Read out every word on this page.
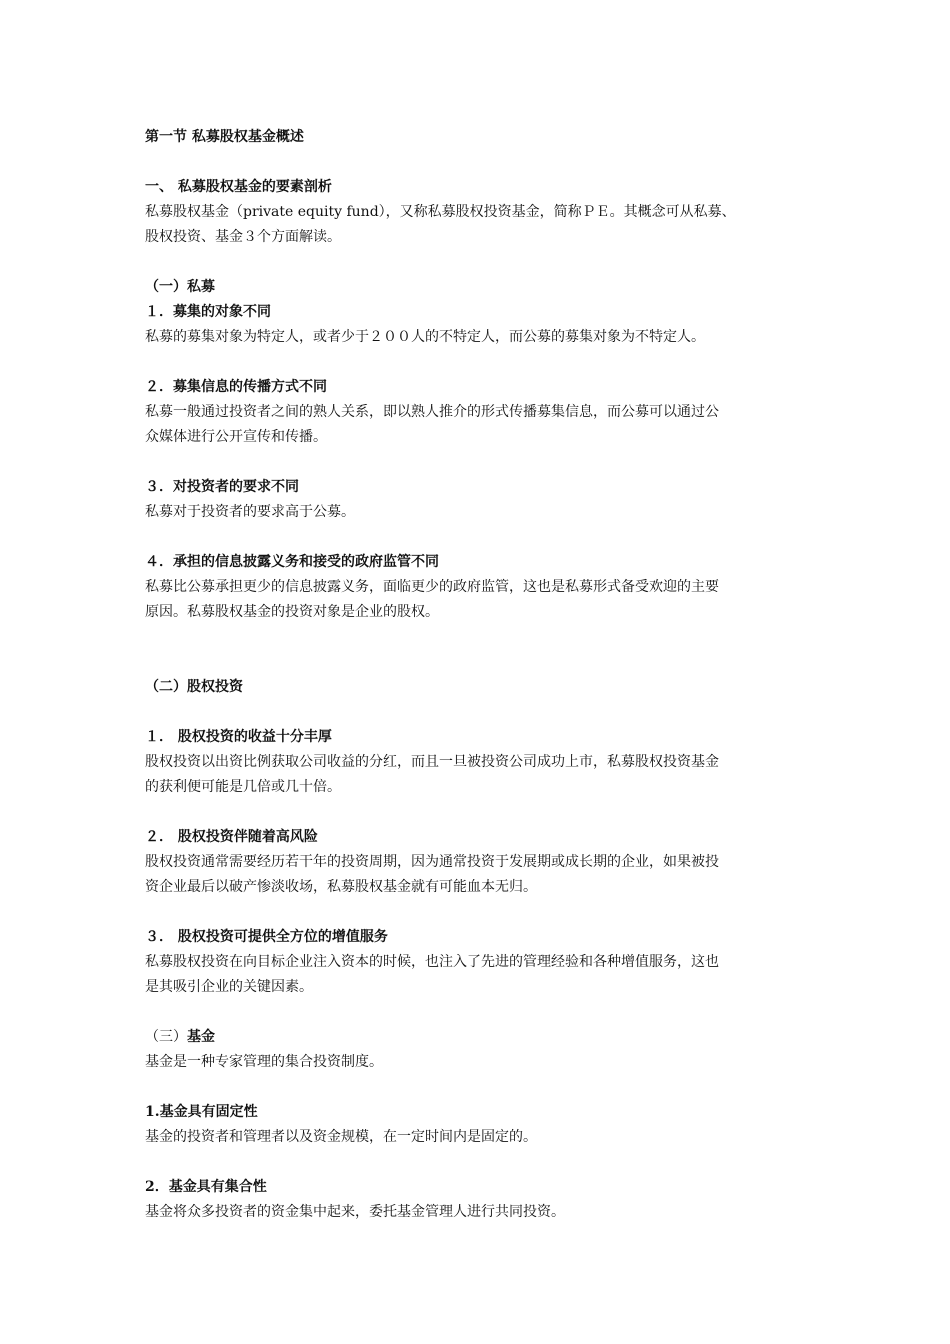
第一节 私募股权基金概述
一、 私募股权基金的要素剖析
私募股权基金（private equity fund），又称私募股权投资基金，简称ＰＥ。其概念可从私募、
股权投资、基金３个方面解读。
（一）私募
１．募集的对象不同
私募的募集对象为特定人，或者少于２００人的不特定人，而公募的募集对象为不特定人。
２．募集信息的传播方式不同
私募一般通过投资者之间的熟人关系，即以熟人推介的形式传播募集信息，而公募可以通过公
众媒体进行公开宣传和传播。
３．对投资者的要求不同
私募对于投资者的要求高于公募。
４．承担的信息披露义务和接受的政府监管不同
私募比公募承担更少的信息披露义务，面临更少的政府监管，这也是私募形式备受欢迎的主要
原因。私募股权基金的投资对象是企业的股权。
（二）股权投资
１． 股权投资的收益十分丰厚
股权投资以出资比例获取公司收益的分红，而且一旦被投资公司成功上市，私募股权投资基金
的获利便可能是几倍或几十倍。
２． 股权投资伴随着高风险
股权投资通常需要经历若干年的投资周期，因为通常投资于发展期或成长期的企业，如果被投
资企业最后以破产惨淡收场，私募股权基金就有可能血本无归。
３． 股权投资可提供全方位的增值服务
私募股权投资在向目标企业注入资本的时候，也注入了先进的管理经验和各种增值服务，这也
是其吸引企业的关键因素。
（三）基金
基金是一种专家管理的集合投资制度。
1.基金具有固定性
基金的投资者和管理者以及资金规模，在一定时间内是固定的。
2．基金具有集合性
基金将众多投资者的资金集中起来，委托基金管理人进行共同投资。
